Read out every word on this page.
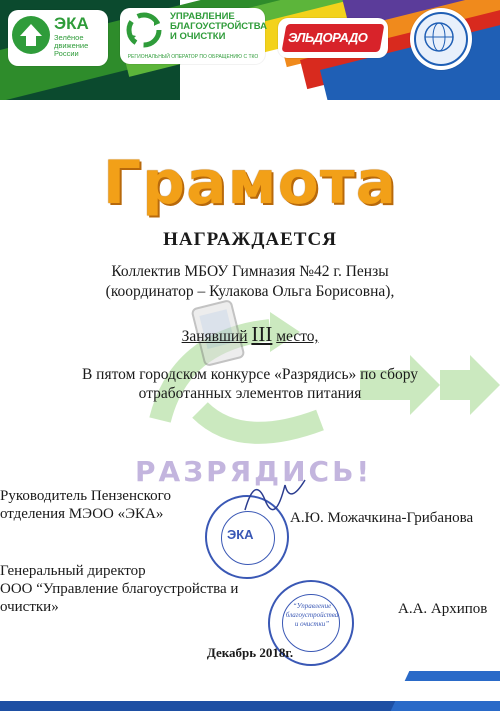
ЭКА
Зелёное движение России
УПРАВЛЕНИЕ БЛАГОУСТРОЙСТВА И ОЧИСТКИ
РЕГИОНАЛЬНЫЙ ОПЕРАТОР ПО ОБРАЩЕНИЮ С ТКО
ЭЛЬДОРАДО
РАЗРЯДИСЬ!
Грамота
НАГРАЖДАЕТСЯ
Коллектив МБОУ Гимназия №42 г. Пензы
(координатор – Кулакова Ольга Борисовна),
Занявший III место,
В пятом городском конкурсе «Разрядись» по сбору
отработанных элементов питания
ЭКА
“Управление благоустройства и очистки”
Руководитель Пензенского
отделения МЭОО «ЭКА»	А.Ю. Можачкина-Грибанова
Генеральный директор
ООО “Управление благоустройства и
очистки»	А.А. Архипов
Декабрь 2018г.
